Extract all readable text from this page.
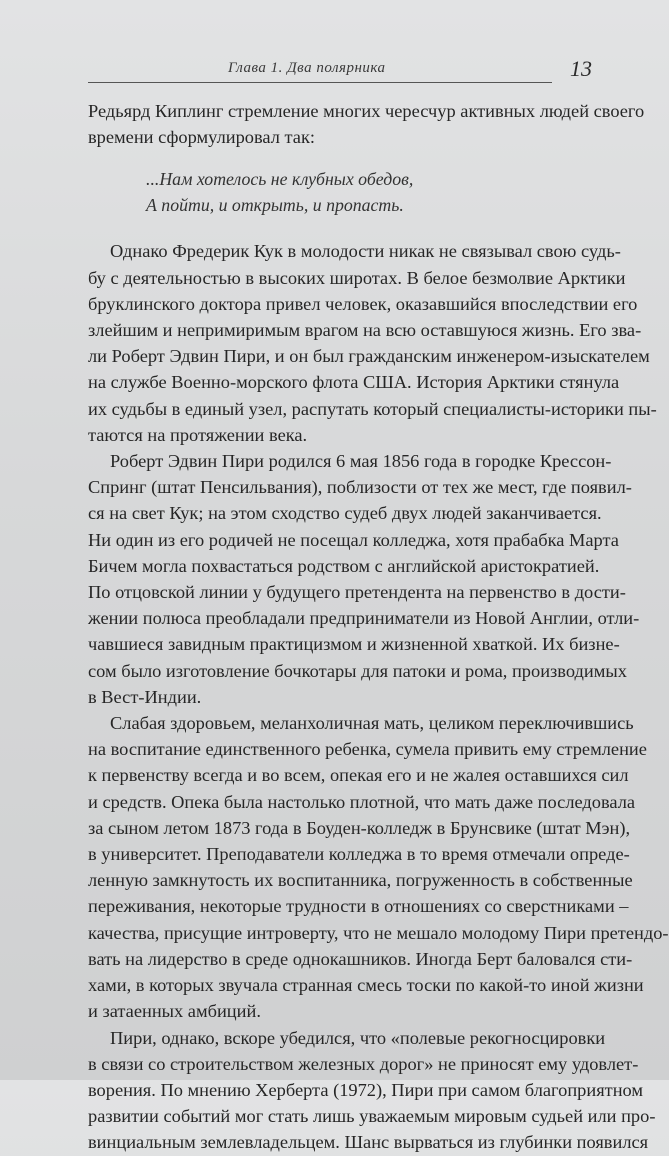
Глава 1. Два полярника	13

Редьярд Киплинг стремление многих чересчур активных людей своего
времени сформулировал так:

...Нам хотелось не клубных обедов,
А пойти, и открыть, и пропасть.

Однако Фредерик Кук в молодости никак не связывал свою судь-
бу с деятельностью в высоких широтах. В белое безмолвие Арктики
бруклинского доктора привел человек, оказавшийся впоследствии его
злейшим и непримиримым врагом на всю оставшуюся жизнь. Его зва-
ли Роберт Эдвин Пири, и он был гражданским инженером-изыскателем
на службе Военно-морского флота США. История Арктики стянула
их судьбы в единый узел, распутать который специалисты-историки пы-
таются на протяжении века.

Роберт Эдвин Пири родился 6 мая 1856 года в городке Крессон-
Спринг (штат Пенсильвания), поблизости от тех же мест, где появил-
ся на свет Кук; на этом сходство судеб двух людей заканчивается.
Ни один из его родичей не посещал колледжа, хотя прабабка Марта
Бичем могла похвастаться родством с английской аристократией.
По отцовской линии у будущего претендента на первенство в дости-
жении полюса преобладали предприниматели из Новой Англии, отли-
чавшиеся завидным практицизмом и жизненной хваткой. Их бизне-
сом было изготовление бочкотары для патоки и рома, производимых
в Вест-Индии.

Слабая здоровьем, меланхоличная мать, целиком переключившись
на воспитание единственного ребенка, сумела привить ему стремление
к первенству всегда и во всем, опекая его и не жалея оставшихся сил
и средств. Опека была настолько плотной, что мать даже последовала
за сыном летом 1873 года в Боуден-колледж в Брунсвике (штат Мэн),
в университет. Преподаватели колледжа в то время отмечали опреде-
ленную замкнутость их воспитанника, погруженность в собственные
переживания, некоторые трудности в отношениях со сверстниками –
качества, присущие интроверту, что не мешало молодому Пири претендо-
вать на лидерство в среде однокашников. Иногда Берт баловался сти-
хами, в которых звучала странная смесь тоски по какой-то иной жизни
и затаенных амбиций.

Пири, однако, вскоре убедился, что «полевые рекогносцировки
в связи со строительством железных дорог» не приносят ему удовлет-
ворения. По мнению Херберта (1972), Пири при самом благоприятном
развитии событий мог стать лишь уважаемым мировым судьей или про-
винциальным землевладельцем. Шанс вырваться из глубинки появился
